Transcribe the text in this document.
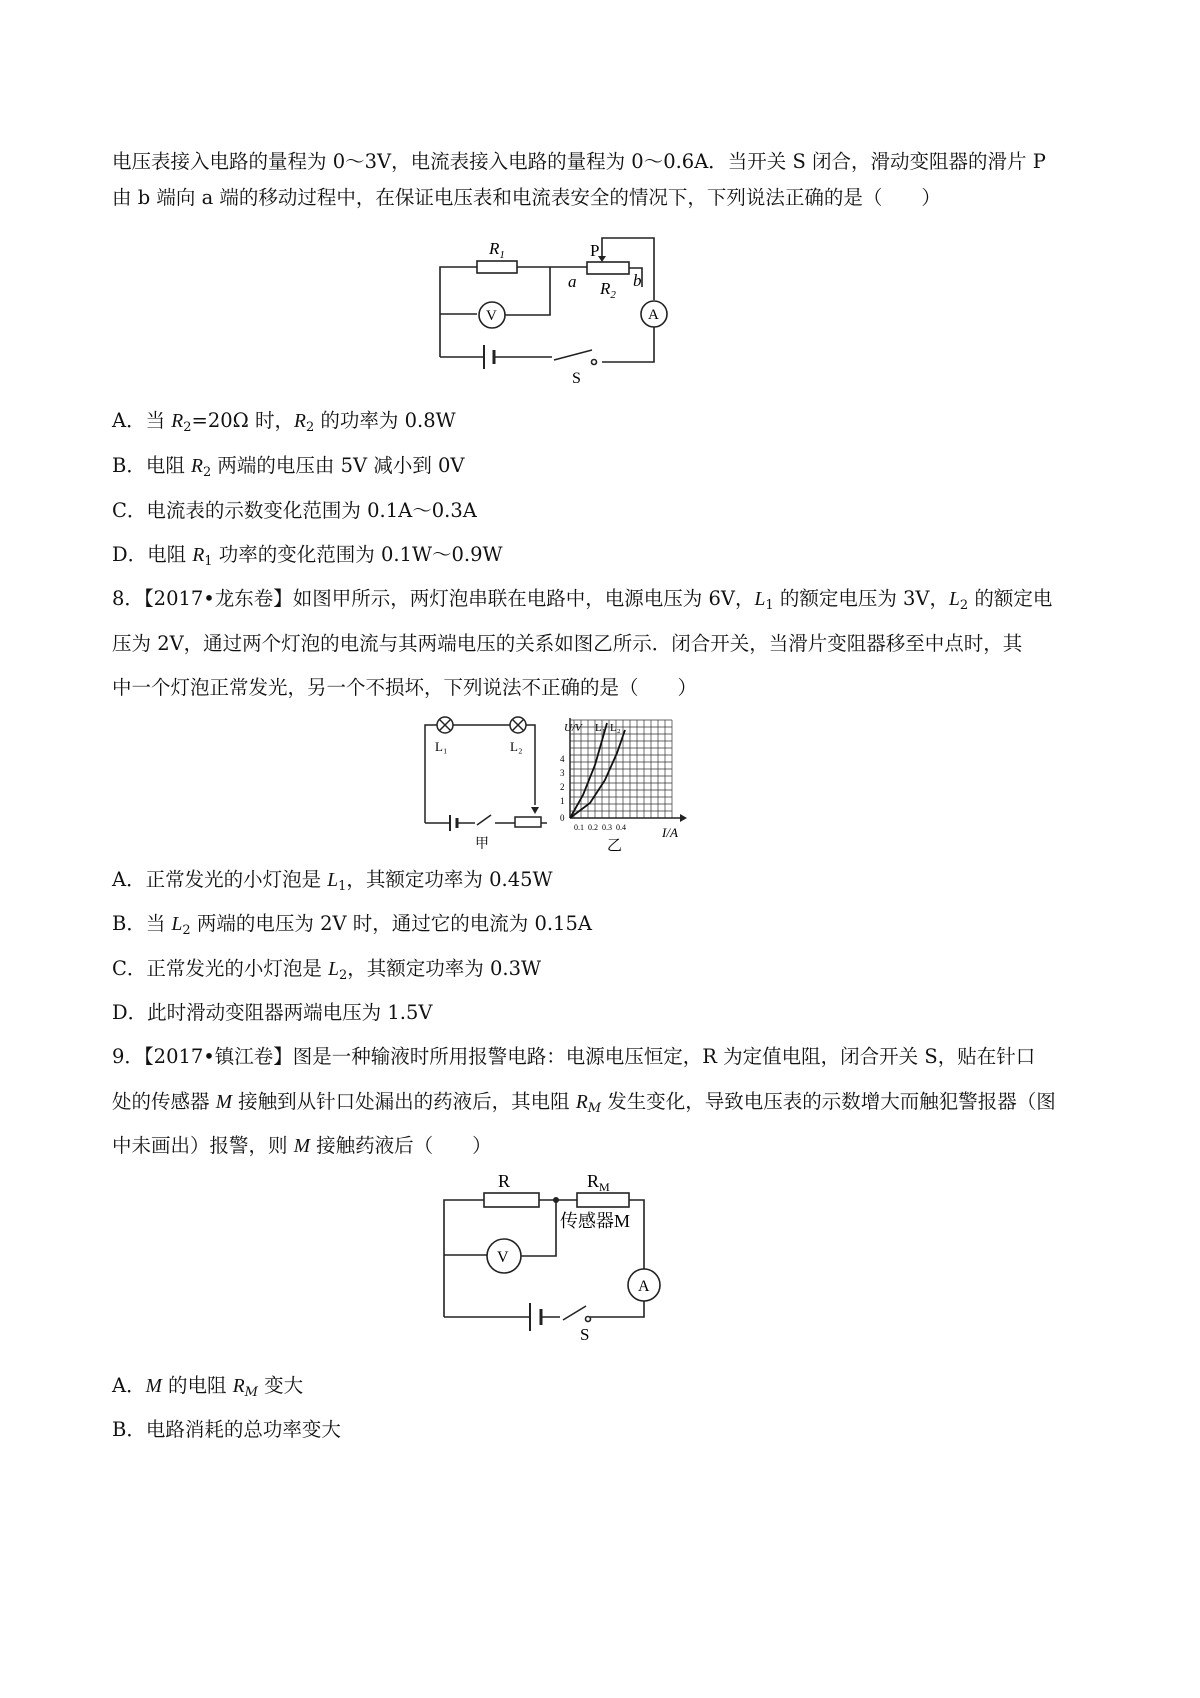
电压表接入电路的量程为 0～3V，电流表接入电路的量程为 0～0.6A．当开关 S 闭合，滑动变阻器的滑片 P

由 b 端向 a 端的移动过程中，在保证电压表和电流表安全的情况下，下列说法正确的是（　　）

$R_1$	P
a	b
$R_2$
V	A
S

A．当 $R_2=20\Omega$ 时，$R_2$ 的功率为 0.8W

B．电阻 $R_2$ 两端的电压由 5V 减小到 0V

C．电流表的示数变化范围为 0.1A～0.3A

D．电阻 $R_1$ 功率的变化范围为 0.1W～0.9W

8．【2017•龙东卷】如图甲所示，两灯泡串联在电路中，电源电压为 6V，$L_1$ 的额定电压为 3V，$L_2$ 的额定电

压为 2V，通过两个灯泡的电流与其两端电压的关系如图乙所示．闭合开关，当滑片变阻器移至中点时，其

中一个灯泡正常发光，另一个不损坏，下列说法不正确的是（　　）

L₁	L₂
甲
U/V L₁ L₂
4
3
2
1
0
0.1 0.2 0.3 0.4
乙
I/A

A．正常发光的小灯泡是 $L_1$，其额定功率为 0.45W

B．当 $L_2$ 两端的电压为 2V 时，通过它的电流为 0.15A

C．正常发光的小灯泡是 $L_2$，其额定功率为 0.3W

D．此时滑动变阻器两端电压为 1.5V

9．【2017•镇江卷】图是一种输液时所用报警电路：电源电压恒定，R 为定值电阻，闭合开关 S，贴在针口

处的传感器 M 接触到从针口处漏出的药液后，其电阻 $R_M$ 发生变化，导致电压表的示数增大而触犯警报器（图

中未画出）报警，则 M 接触药液后（　　）

R	$R_M$
传感器M
V
A
S

A．M 的电阻 $R_M$ 变大

B．电路消耗的总功率变大
